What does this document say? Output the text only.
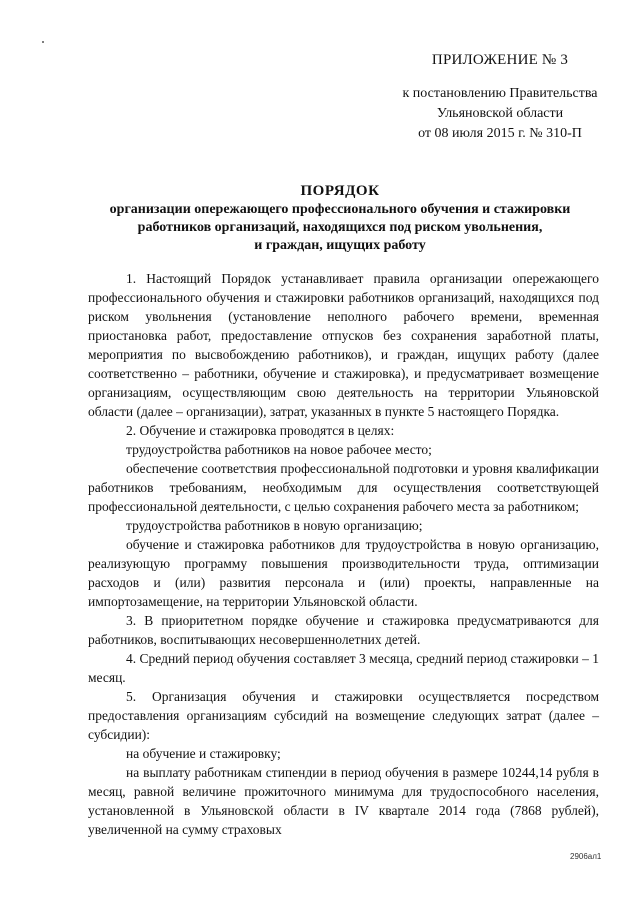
ПРИЛОЖЕНИЕ № 3
к постановлению Правительства
Ульяновской области
от 08 июля 2015 г. № 310-П
ПОРЯДОК
организации опережающего профессионального обучения и стажировки
работников организаций, находящихся под риском увольнения,
и граждан, ищущих работу

1. Настоящий Порядок устанавливает правила организации опережающего профессионального обучения и стажировки работников организаций, находящихся под риском увольнения (установление неполного рабочего времени, временная приостановка работ, предоставление отпусков без сохранения заработной платы, мероприятия по высвобождению работников), и граждан, ищущих работу (далее соответственно – работники, обучение и стажировка), и предусматривает возмещение организациям, осуществляющим свою деятельность на территории Ульяновской области (далее – организации), затрат, указанных в пункте 5 настоящего Порядка.

2. Обучение и стажировка проводятся в целях:

трудоустройства работников на новое рабочее место;

обеспечение соответствия профессиональной подготовки и уровня квалификации работников требованиям, необходимым для осуществления соответствующей профессиональной деятельности, с целью сохранения рабочего места за работником;

трудоустройства работников в новую организацию;

обучение и стажировка работников для трудоустройства в новую организацию, реализующую программу повышения производительности труда, оптимизации расходов и (или) развития персонала и (или) проекты, направленные на импортозамещение, на территории Ульяновской области.

3. В приоритетном порядке обучение и стажировка предусматриваются для работников, воспитывающих несовершеннолетних детей.

4. Средний период обучения составляет 3 месяца, средний период стажировки – 1 месяц.

5. Организация обучения и стажировки осуществляется посредством предоставления организациям субсидий на возмещение следующих затрат (далее – субсидии):

на обучение и стажировку;

на выплату работникам стипендии в период обучения в размере 10244,14 рубля в месяц, равной величине прожиточного минимума для трудоспособного населения, установленной в Ульяновской области в IV квартале 2014 года (7868 рублей), увеличенной на сумму страховых

2906ал1
